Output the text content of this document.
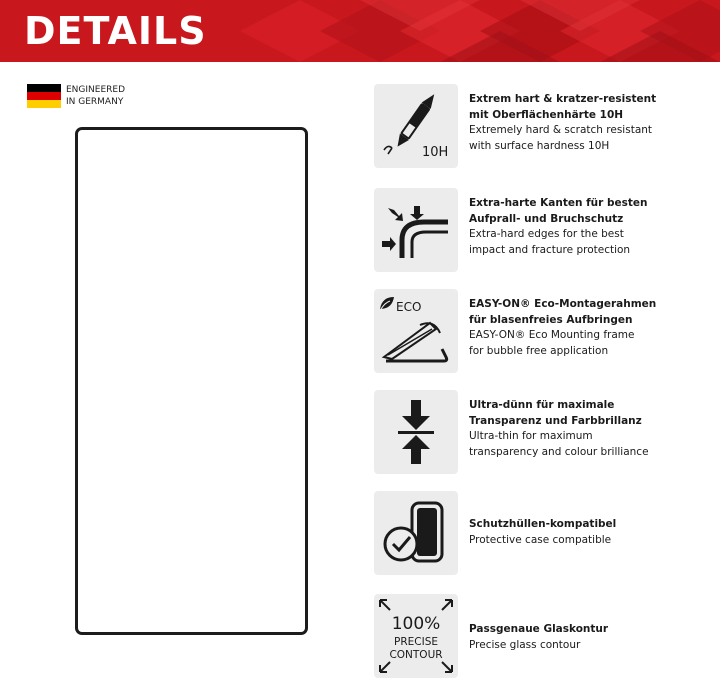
DETAILS
ENGINEERED
IN GERMANY
10H
Extrem hart & kratzer-resistent
mit Oberflächenhärte 10H
Extremely hard & scratch resistant
with surface hardness 10H
Extra-harte Kanten für besten
Aufprall- und Bruchschutz
Extra-hard edges for the best
impact and fracture protection
ECO	EASY-ON® Eco-Montagerahmen
für blasenfreies Aufbringen
EASY-ON® Eco Mounting frame
for bubble free application
Ultra-dünn für maximale
Transparenz und Farbbrillanz
Ultra-thin for maximum
transparency and colour brilliance
Schutzhüllen-kompatibel
Protective case compatible
100%
PRECISE
CONTOUR
Passgenaue Glaskontur
Precise glass contour
